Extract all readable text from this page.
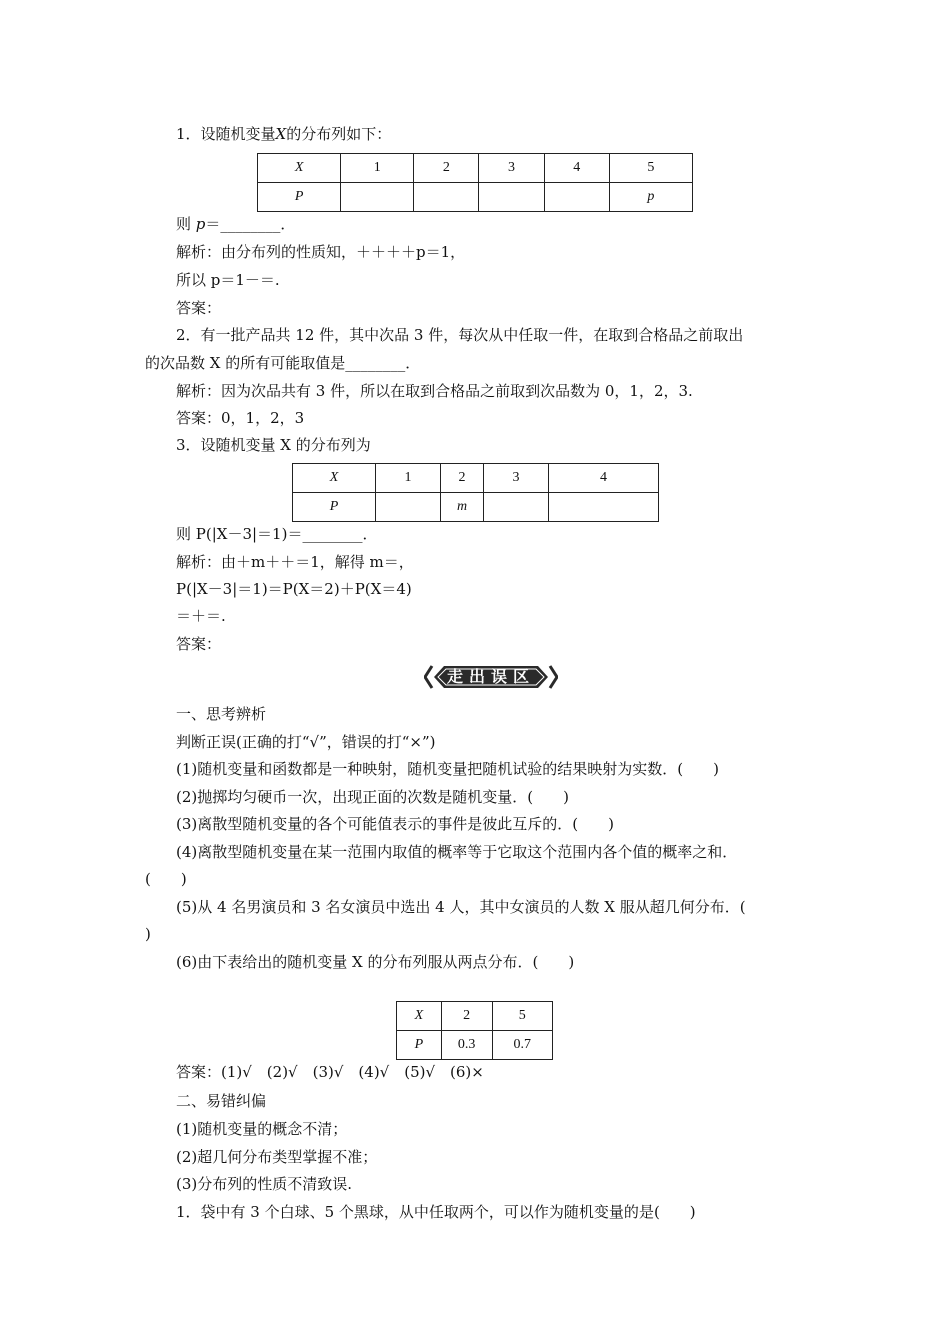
1．设随机变量X的分布列如下：
X	1	2	3	4	5
P					p
则 p＝________．
解析：由分布列的性质知，＋＋＋＋p＝1，
所以 p＝1－＝.
答案：
2．有一批产品共 12 件，其中次品 3 件，每次从中任取一件，在取到合格品之前取出
的次品数 X 的所有可能取值是________．
解析：因为次品共有 3 件，所以在取到合格品之前取到次品数为 0，1，2，3.
答案：0，1，2，3
3．设随机变量 X 的分布列为
X	1	2	3	4
P		m		
则 P(|X－3|＝1)＝________．
解析：由＋m＋＋＝1，解得 m＝，
P(|X－3|＝1)＝P(X＝2)＋P(X＝4)
＝＋＝.
答案：
走出误区
一、思考辨析
判断正误(正确的打“√”，错误的打“×”)
(1)随机变量和函数都是一种映射，随机变量把随机试验的结果映射为实数．(　　)
(2)抛掷均匀硬币一次，出现正面的次数是随机变量．(　　)
(3)离散型随机变量的各个可能值表示的事件是彼此互斥的．(　　)
(4)离散型随机变量在某一范围内取值的概率等于它取这个范围内各个值的概率之和．
(　　)
(5)从 4 名男演员和 3 名女演员中选出 4 人，其中女演员的人数 X 服从超几何分布．(
)
(6)由下表给出的随机变量 X 的分布列服从两点分布．(　　)
X	2	5
P	0.3	0.7
答案：(1)√　(2)√　(3)√　(4)√　(5)√　(6)×
二、易错纠偏
(1)随机变量的概念不清；
(2)超几何分布类型掌握不准；
(3)分布列的性质不清致误.
1．袋中有 3 个白球、5 个黑球，从中任取两个，可以作为随机变量的是(　　)
